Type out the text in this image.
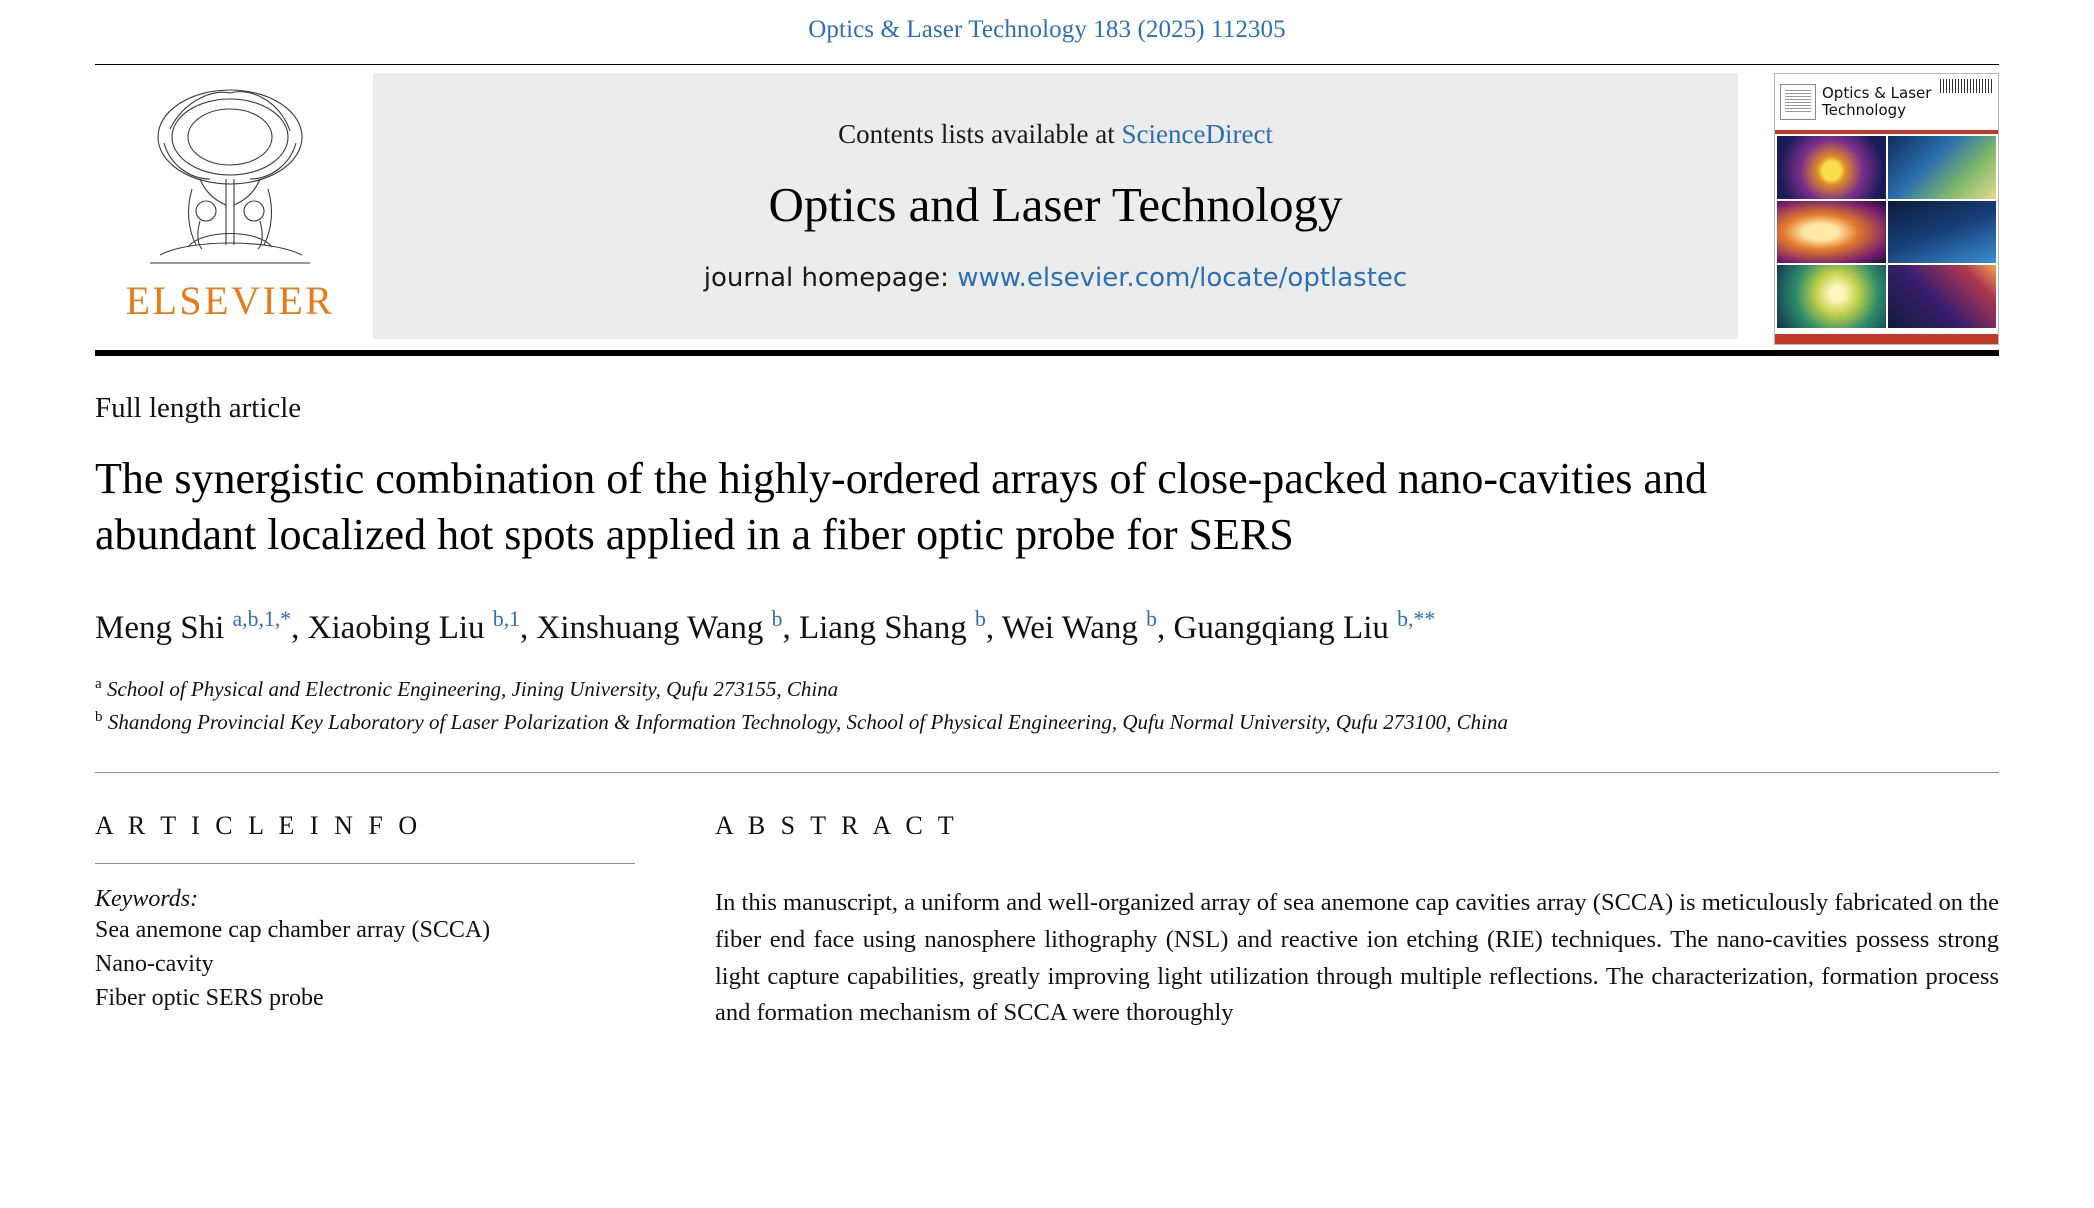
Optics & Laser Technology 183 (2025) 112305
ELSEVIER
Contents lists available at ScienceDirect
Optics and Laser Technology
journal homepage: www.elsevier.com/locate/optlastec
Optics & Laser Technology
Full length article
The synergistic combination of the highly-ordered arrays of close-packed nano-cavities and abundant localized hot spots applied in a fiber optic probe for SERS
Meng Shi $^{a,b,1,*}$, Xiaobing Liu $^{b,1}$, Xinshuang Wang $^b$, Liang Shang $^b$, Wei Wang $^b$, Guangqiang Liu $^{b,**}$
$^a$ School of Physical and Electronic Engineering, Jining University, Qufu 273155, China
$^b$ Shandong Provincial Key Laboratory of Laser Polarization & Information Technology, School of Physical Engineering, Qufu Normal University, Qufu 273100, China
A R T I C L E I N F O
Keywords:
Sea anemone cap chamber array (SCCA)
Nano-cavity
Fiber optic SERS probe
A B S T R A C T
In this manuscript, a uniform and well-organized array of sea anemone cap cavities array (SCCA) is meticulously fabricated on the fiber end face using nanosphere lithography (NSL) and reactive ion etching (RIE) techniques. The nano-cavities possess strong light capture capabilities, greatly improving light utilization through multiple reflections. The characterization, formation process and formation mechanism of SCCA were thoroughly
